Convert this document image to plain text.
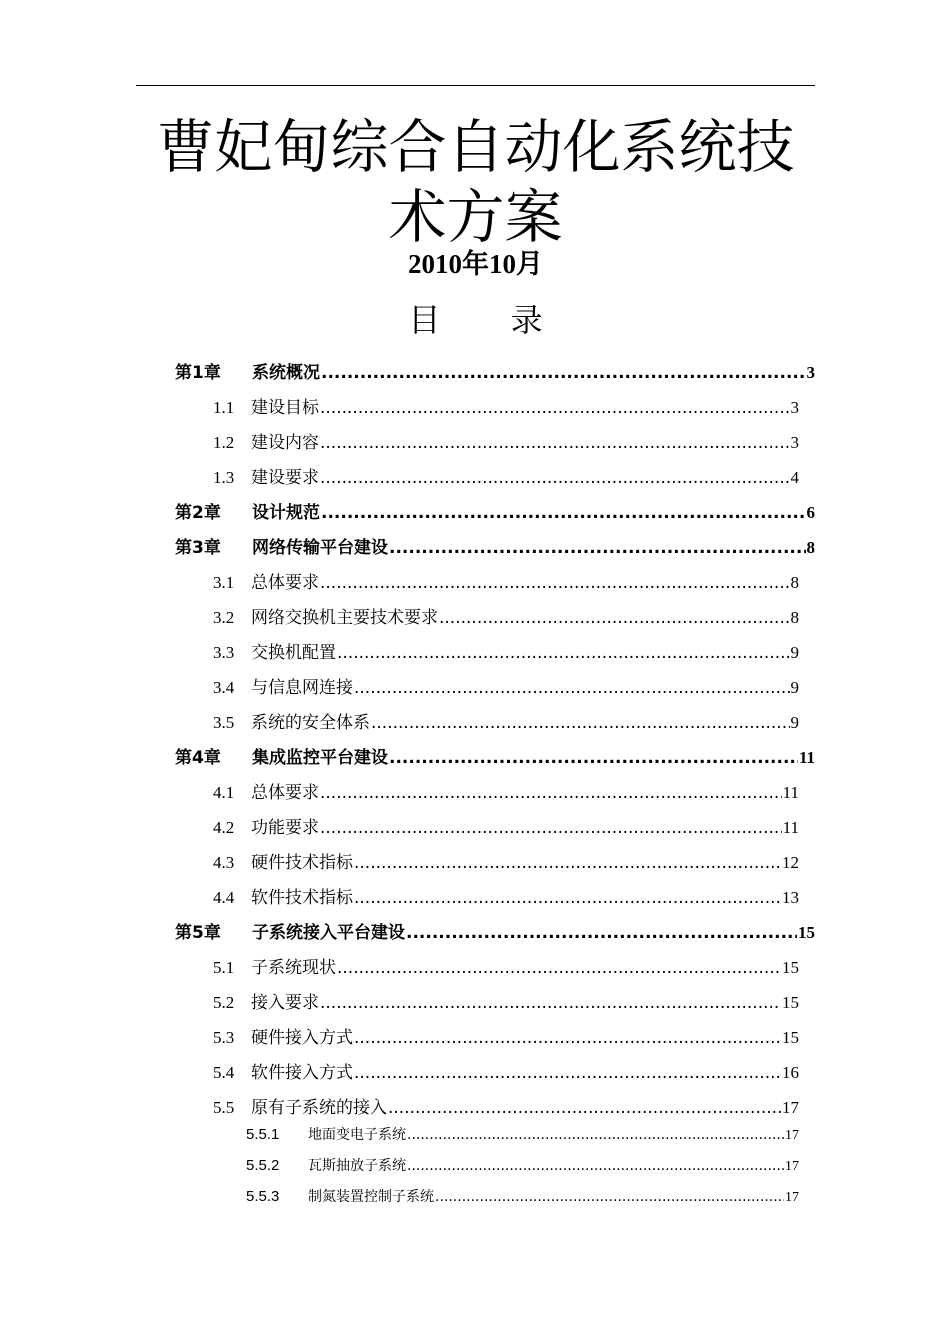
曹妃甸综合自动化系统技术方案
2010年10月
目 录
第1章	系统概况 .....	3
1.1 建设目标 .....	3
1.2 建设内容 .....	3
1.3 建设要求 .....	4
第2章	设计规范 .....	6
第3章	网络传输平台建设 .....	8
3.1 总体要求 .....	8
3.2 网络交换机主要技术要求 .....	8
3.3 交换机配置 .....	9
3.4 与信息网连接 .....	9
3.5 系统的安全体系 .....	9
第4章	集成监控平台建设 .....	11
4.1 总体要求 .....	11
4.2 功能要求 .....	11
4.3 硬件技术指标 .....	12
4.4 软件技术指标 .....	13
第5章	子系统接入平台建设 .....	15
5.1 子系统现状 .....	15
5.2 接入要求 .....	15
5.3 硬件接入方式 .....	15
5.4 软件接入方式 .....	16
5.5 原有子系统的接入 .....	17
5.5.1	地面变电子系统 .....	17
5.5.2	瓦斯抽放子系统 .....	17
5.5.3	制氮装置控制子系统 .....	17
